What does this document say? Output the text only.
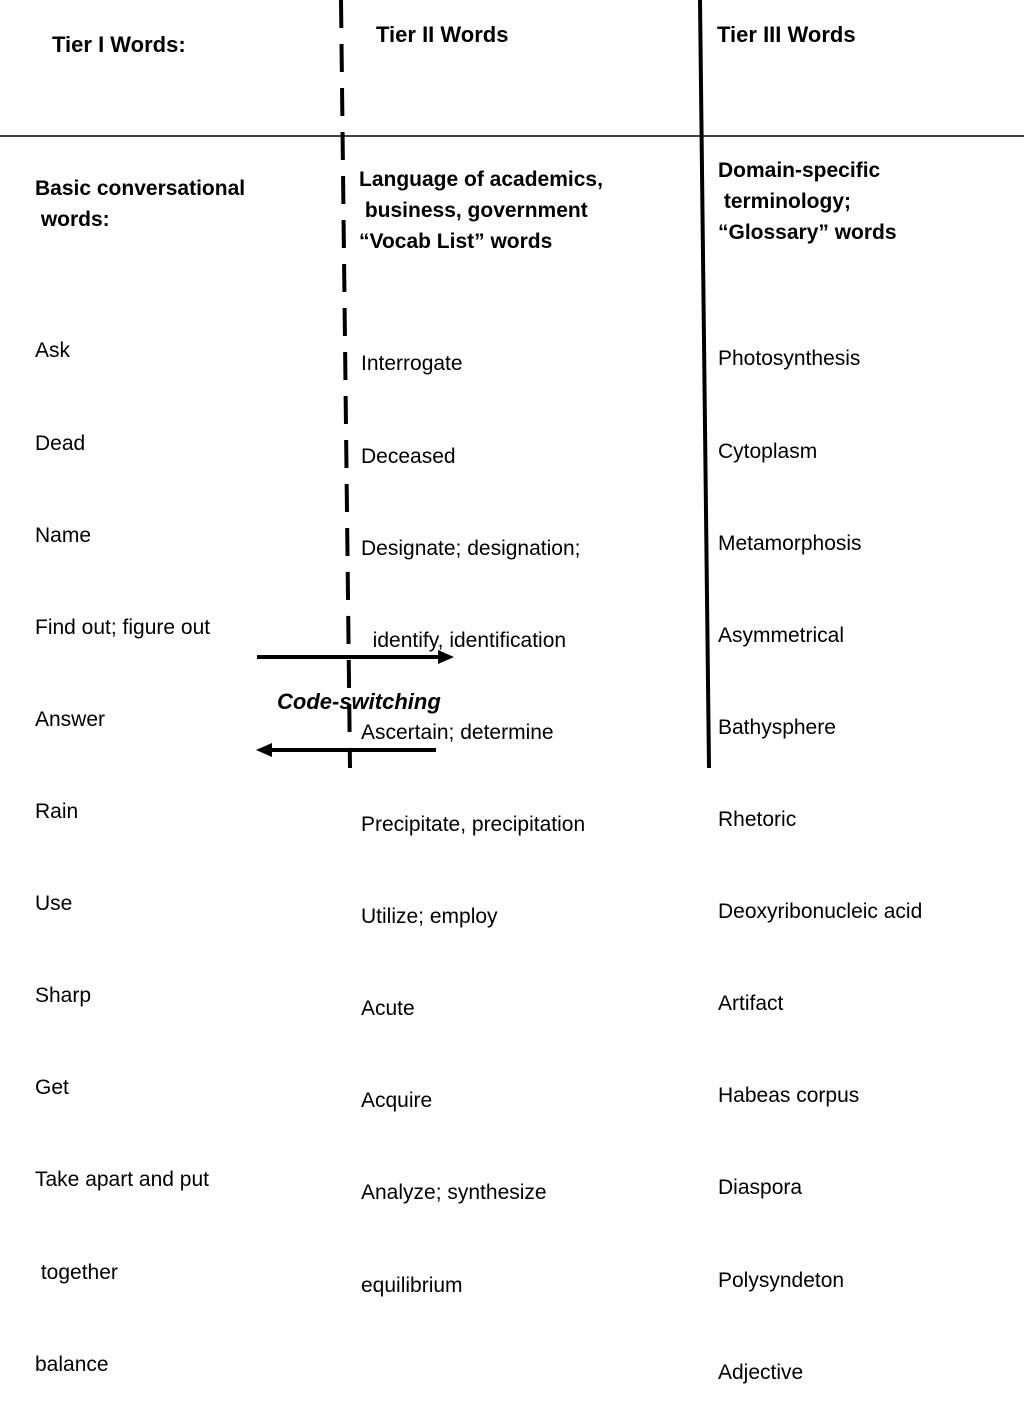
Tier I Words:
Basic conversational
words:

Ask

Dead

Name

Find out; figure out

Answer

Rain

Use

Sharp

Get

Take apart and put

together

balance

Tier II Words
Language of academics,
business, government
“Vocab List” words

Interrogate

Deceased

Designate; designation;

identify, identification

Ascertain; determine

Precipitate, precipitation

Utilize; employ

Acute

Acquire

Analyze; synthesize

equilibrium

Tier III Words
Domain-specific
terminology;
“Glossary” words

Photosynthesis

Cytoplasm

Metamorphosis

Asymmetrical

Bathysphere

Rhetoric

Deoxyribonucleic acid

Artifact

Habeas corpus

Diaspora

Polysyndeton

Adjective

Code-switching
